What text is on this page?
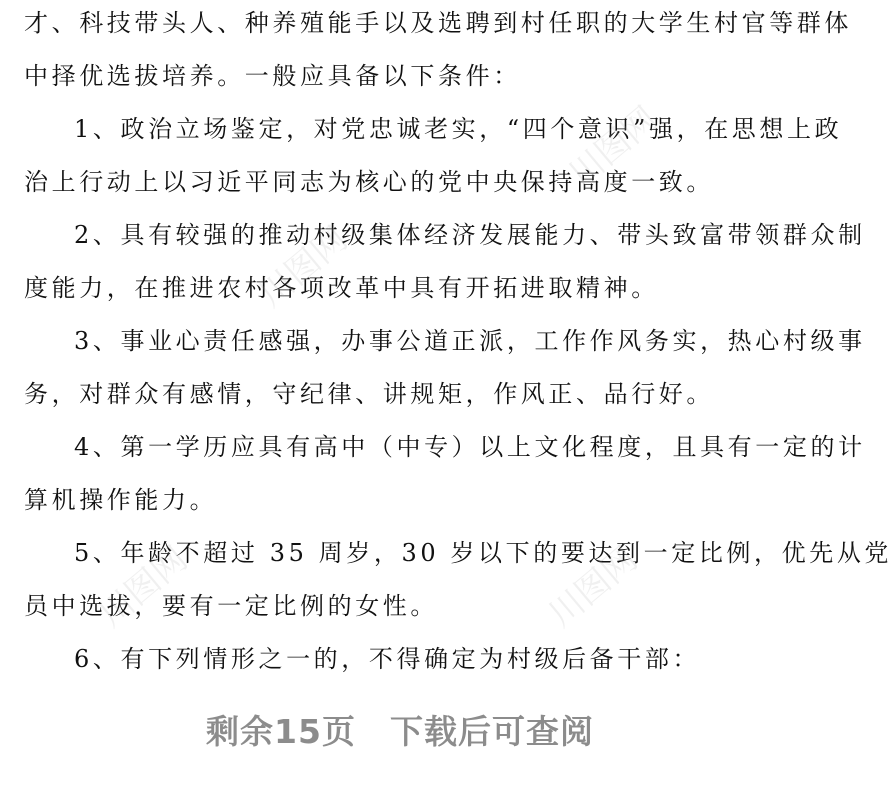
才、科技带头人、种养殖能手以及选聘到村任职的大学生村官等群体
中择优选拔培养。一般应具备以下条件：
1、政治立场鉴定，对党忠诚老实，“四个意识”强，在思想上政
治上行动上以习近平同志为核心的党中央保持高度一致。
2、具有较强的推动村级集体经济发展能力、带头致富带领群众制
度能力，在推进农村各项改革中具有开拓进取精神。
3、事业心责任感强，办事公道正派，工作作风务实，热心村级事
务，对群众有感情，守纪律、讲规矩，作风正、品行好。
4、第一学历应具有高中（中专）以上文化程度，且具有一定的计
算机操作能力。
5、年龄不超过 35 周岁，30 岁以下的要达到一定比例，优先从党
员中选拔，要有一定比例的女性。
6、有下列情形之一的，不得确定为村级后备干部：
川图网
川图网
川图网	川图网
剩余15页　下载后可查阅
